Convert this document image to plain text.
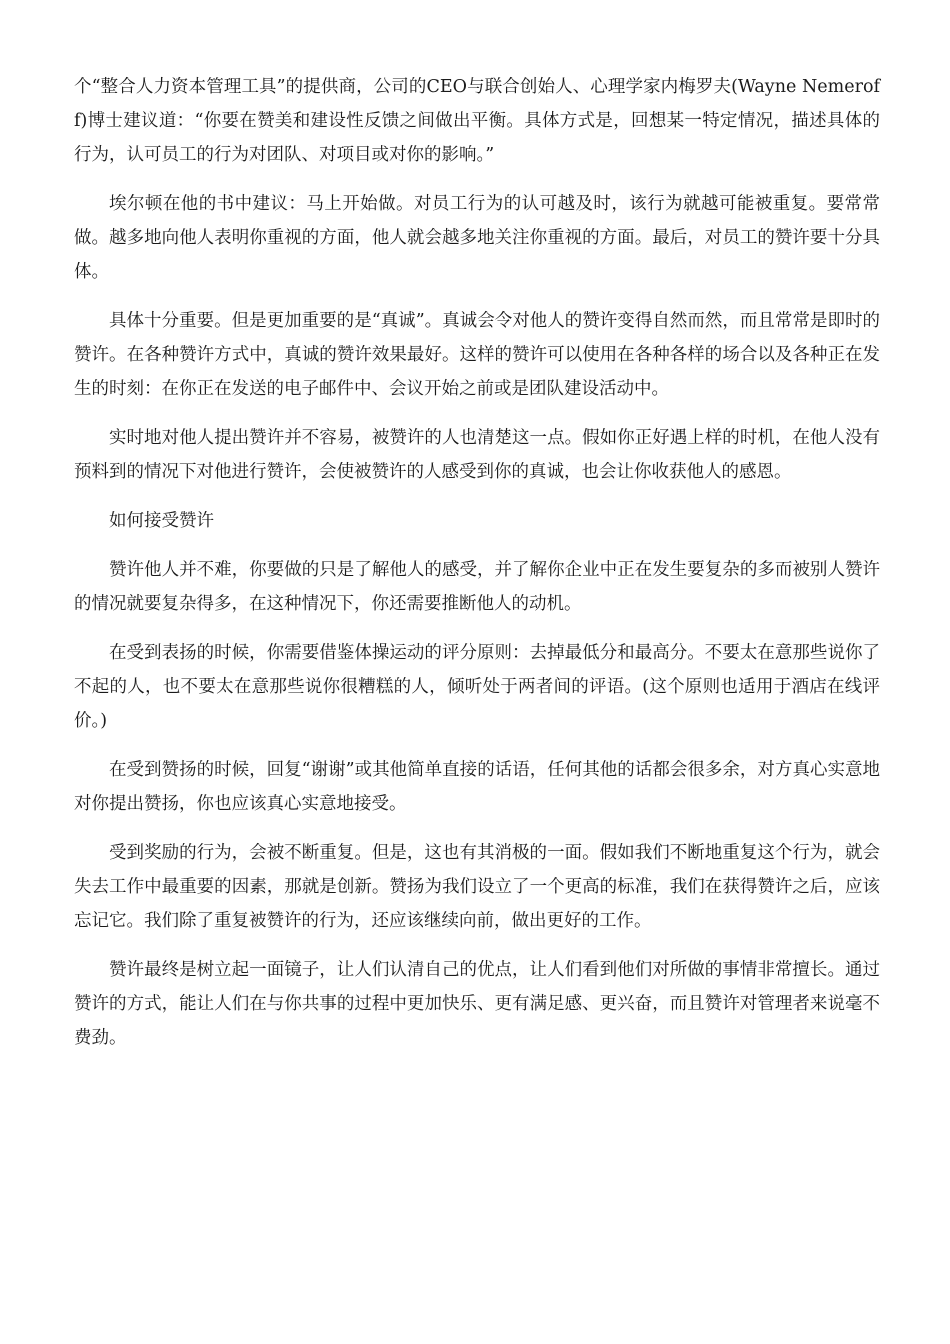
个“整合人力资本管理工具”的提供商，公司的CEO与联合创始人、心理学家内梅罗夫(Wayne Nemeroff)博士建议道：“你要在赞美和建设性反馈之间做出平衡。具体方式是，回想某一特定情况，描述具体的行为，认可员工的行为对团队、对项目或对你的影响。”

埃尔顿在他的书中建议：马上开始做。对员工行为的认可越及时，该行为就越可能被重复。要常常做。越多地向他人表明你重视的方面，他人就会越多地关注你重视的方面。最后，对员工的赞许要十分具体。

具体十分重要。但是更加重要的是“真诚”。真诚会令对他人的赞许变得自然而然，而且常常是即时的赞许。在各种赞许方式中，真诚的赞许效果最好。这样的赞许可以使用在各种各样的场合以及各种正在发生的时刻：在你正在发送的电子邮件中、会议开始之前或是团队建设活动中。

实时地对他人提出赞许并不容易，被赞许的人也清楚这一点。假如你正好遇上样的时机，在他人没有预料到的情况下对他进行赞许，会使被赞许的人感受到你的真诚，也会让你收获他人的感恩。

如何接受赞许

赞许他人并不难，你要做的只是了解他人的感受，并了解你企业中正在发生要复杂的多而被别人赞许的情况就要复杂得多，在这种情况下，你还需要推断他人的动机。

在受到表扬的时候，你需要借鉴体操运动的评分原则：去掉最低分和最高分。不要太在意那些说你了不起的人，也不要太在意那些说你很糟糕的人，倾听处于两者间的评语。(这个原则也适用于酒店在线评价。)

在受到赞扬的时候，回复“谢谢”或其他简单直接的话语，任何其他的话都会很多余，对方真心实意地对你提出赞扬，你也应该真心实意地接受。

受到奖励的行为，会被不断重复。但是，这也有其消极的一面。假如我们不断地重复这个行为，就会失去工作中最重要的因素，那就是创新。赞扬为我们设立了一个更高的标准，我们在获得赞许之后，应该忘记它。我们除了重复被赞许的行为，还应该继续向前，做出更好的工作。

赞许最终是树立起一面镜子，让人们认清自己的优点，让人们看到他们对所做的事情非常擅长。通过赞许的方式，能让人们在与你共事的过程中更加快乐、更有满足感、更兴奋，而且赞许对管理者来说毫不费劲。
